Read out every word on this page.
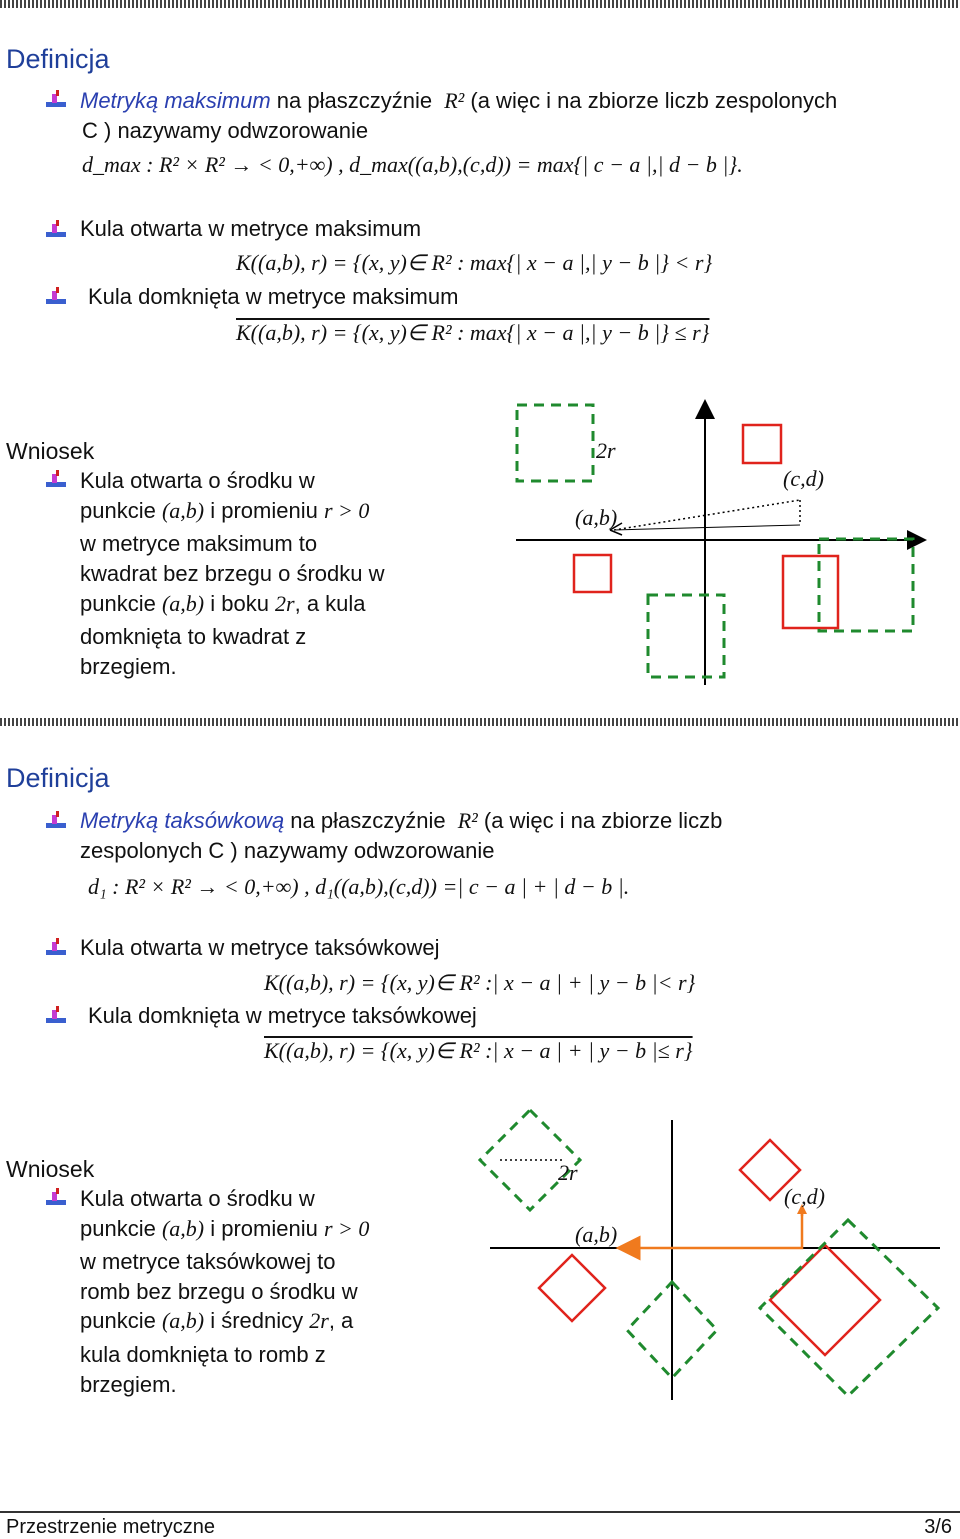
Definicja
Metryką maksimum na płaszczyźnie R² (a więc i na zbiorze liczb zespolonych
C ) nazywamy odwzorowanie
d_max : R² × R² → < 0,+∞) , d_max((a,b),(c,d)) = max{| c − a |,| d − b |}.
Kula otwarta w metryce maksimum
K((a,b), r) = {(x, y)∈ R² : max{| x − a |,| y − b |} < r}
Kula domknięta w metryce maksimum
K((a,b), r) = {(x, y)∈ R² : max{| x − a |,| y − b |} ≤ r}
Wniosek
Kula otwarta o środku w
punkcie (a,b) i promieniu r > 0
w metryce maksimum to
kwadrat bez brzegu o środku w
punkcie (a,b) i boku 2r, a kula
domknięta to kwadrat z
brzegiem.
2r
(a,b)
(c,d)
Definicja
Metryką taksówkową na płaszczyźnie R² (a więc i na zbiorze liczb
zespolonych C ) nazywamy odwzorowanie
d₁ : R² × R² → < 0,+∞) , d₁((a,b),(c,d)) =| c − a | + | d − b |.
Kula otwarta w metryce taksówkowej
K((a,b), r) = {(x, y)∈ R² :| x − a | + | y − b |< r}
Kula domknięta w metryce taksówkowej
K((a,b), r) = {(x, y)∈ R² :| x − a | + | y − b |≤ r}
Wniosek
Kula otwarta o środku w
punkcie (a,b) i promieniu r > 0
w metryce taksówkowej to
romb bez brzegu o środku w
punkcie (a,b) i średnicy 2r, a
kula domknięta to romb z
brzegiem.
2r
(a,b)
(c,d)
Przestrzenie metryczne	3/6
